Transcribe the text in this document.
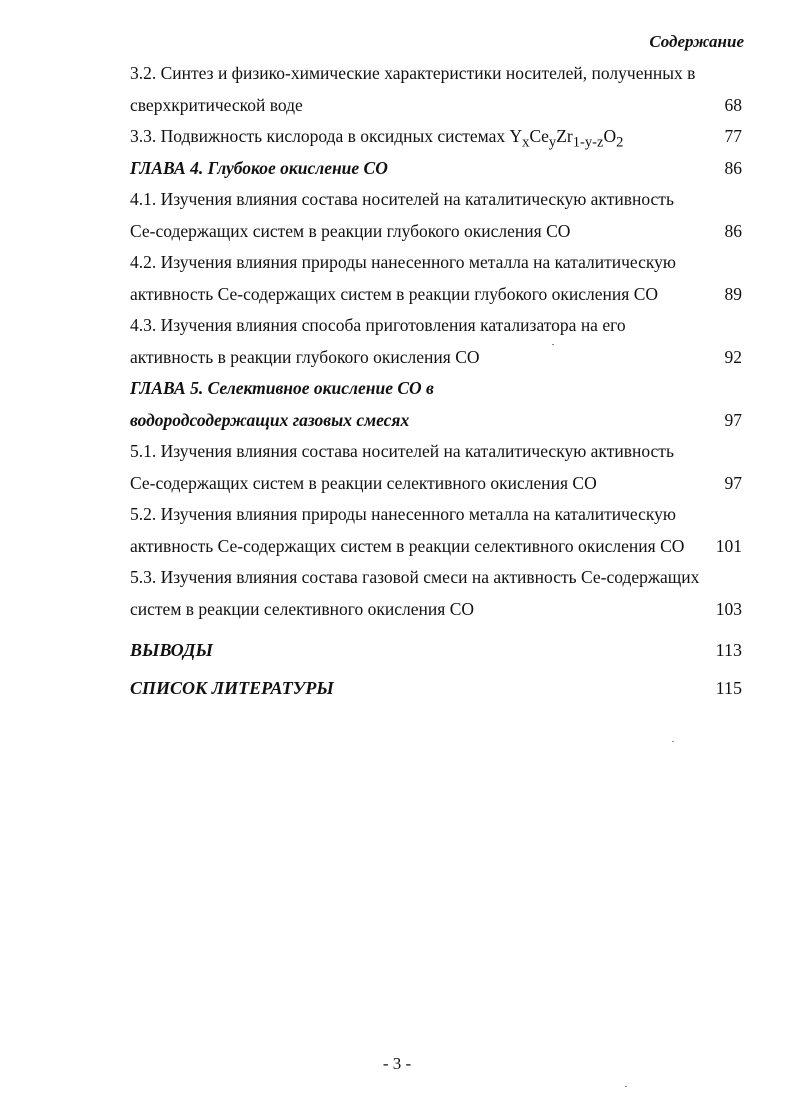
Содержание
3.2. Синтез и физико-химические характеристики носителей, полученных в
сверхкритической воде	68
3.3. Подвижность кислорода в оксидных системах $Y_xCe_yZr_{1-y-z}O_2$	77
ГЛАВА 4. Глубокое окисление СО	86
4.1. Изучения влияния состава носителей на каталитическую активность
Се-содержащих систем в реакции глубокого окисления СО	86
4.2. Изучения влияния природы нанесенного металла на каталитическую
активность Се-содержащих систем в реакции глубокого окисления СО	89
4.3. Изучения влияния способа приготовления катализатора на его
активность в реакции глубокого окисления СО	92
ГЛАВА 5. Селективное окисление СО в
водородсодержащих газовых смесях	97
5.1. Изучения влияния состава носителей на каталитическую активность
Се-содержащих систем в реакции селективного окисления СО	97
5.2. Изучения влияния природы нанесенного металла на каталитическую
активность Се-содержащих систем в реакции селективного окисления СО 101
5.3. Изучения влияния состава газовой смеси на активность Се-содержащих
систем в реакции селективного окисления СО	103
ВЫВОДЫ	113
СПИСОК ЛИТЕРАТУРЫ	115
- 3 -
